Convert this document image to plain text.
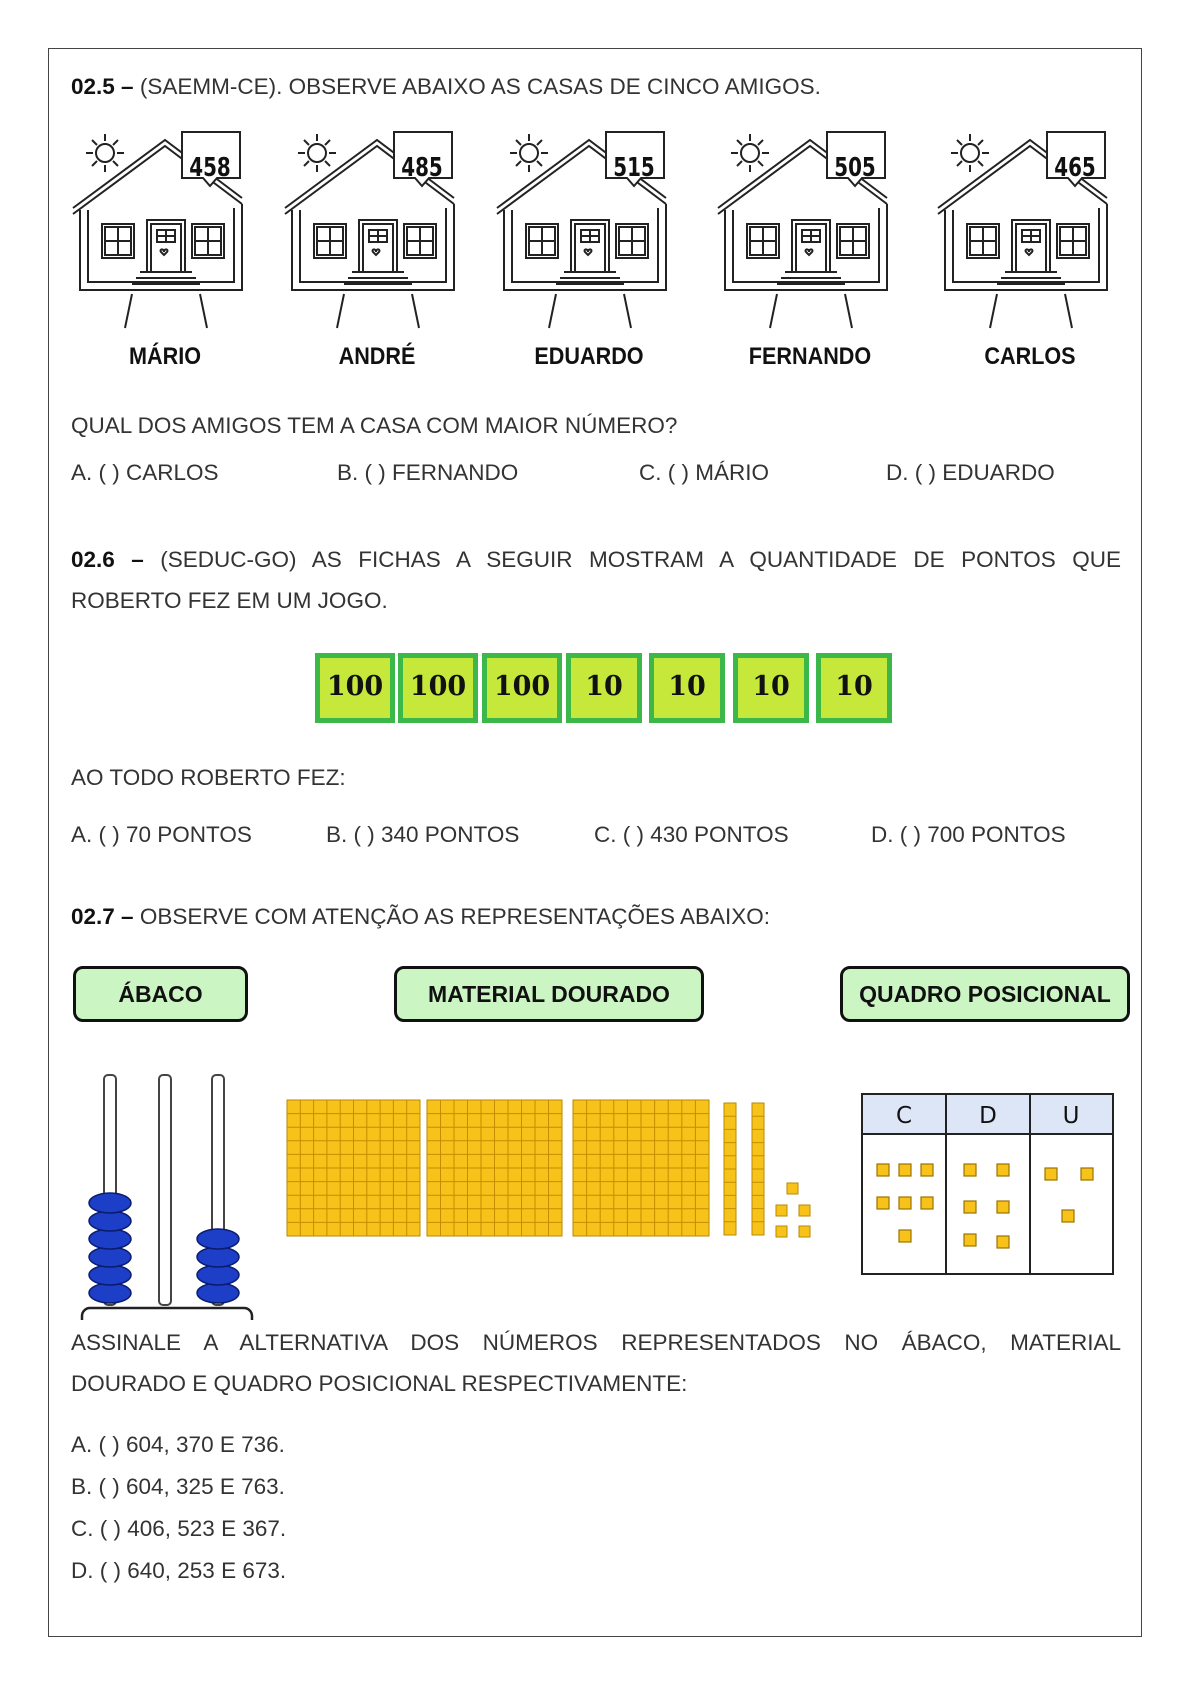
02.5 – (SAEMM-CE). OBSERVE ABAIXO AS CASAS DE CINCO AMIGOS.

458
MÁRIO
485
ANDRÉ
515
EDUARDO
505
FERNANDO
465
CARLOS

QUAL DOS AMIGOS TEM A CASA COM MAIOR NÚMERO?

A. ( ) CARLOS	B. ( ) FERNANDO	C. ( ) MÁRIO	D. ( ) EDUARDO

02.6 – (SEDUC-GO) AS FICHAS A SEGUIR MOSTRAM A QUANTIDADE DE PONTOS QUE

ROBERTO FEZ EM UM JOGO.

100 100	100	10	10	10	10

AO TODO ROBERTO FEZ:

A. ( ) 70 PONTOS	B. ( ) 340 PONTOS	C. ( ) 430 PONTOS	D. ( ) 700 PONTOS

02.7 – OBSERVE COM ATENÇÃO AS REPRESENTAÇÕES ABAIXO:

ÁBACO	MATERIAL DOURADO	QUADRO POSICIONAL
C	D	U

ASSINALE A ALTERNATIVA DOS NÚMEROS REPRESENTADOS NO ÁBACO, MATERIAL

DOURADO E QUADRO POSICIONAL RESPECTIVAMENTE:

A. ( ) 604, 370 E 736.
B. ( ) 604, 325 E 763.
C. ( ) 406, 523 E 367.
D. ( ) 640, 253 E 673.
